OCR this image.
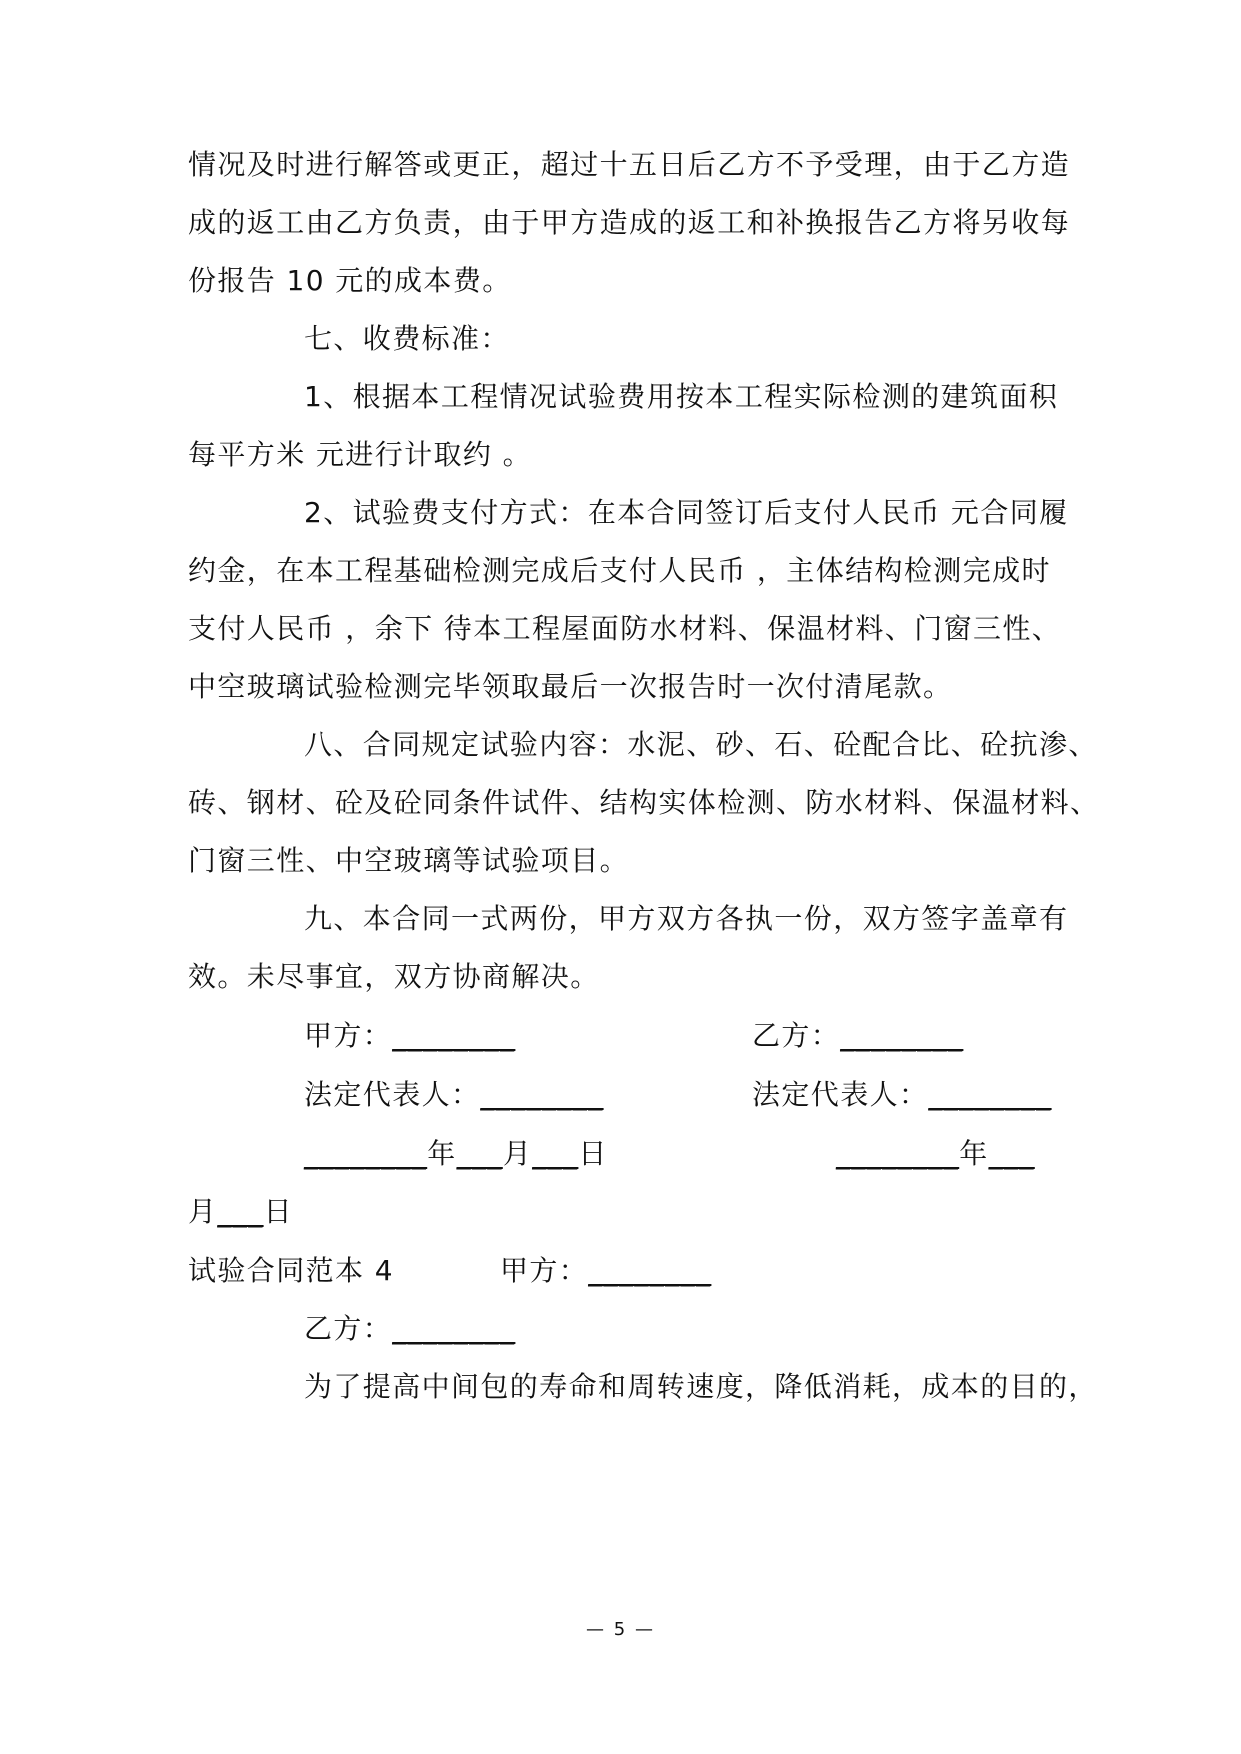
情况及时进行解答或更正，超过十五日后乙方不予受理，由于乙方造
成的返工由乙方负责，由于甲方造成的返工和补换报告乙方将另收每
份报告 10 元的成本费。
七、收费标准：
1、根据本工程情况试验费用按本工程实际检测的建筑面积
每平方米 元进行计取约 。
2、试验费支付方式：在本合同签订后支付人民币 元合同履
约金，在本工程基础检测完成后支付人民币 ，主体结构检测完成时
支付人民币 ，余下 待本工程屋面防水材料、保温材料、门窗三性、
中空玻璃试验检测完毕领取最后一次报告时一次付清尾款。
八、合同规定试验内容：水泥、砂、石、砼配合比、砼抗渗、
砖、钢材、砼及砼同条件试件、结构实体检测、防水材料、保温材料、
门窗三性、中空玻璃等试验项目。
九、本合同一式两份，甲方双方各执一份，双方签字盖章有
效。未尽事宜，双方协商解决。
甲方：________	乙方：________
法定代表人：________	法定代表人：________
________年___月___日	________年___
月___日
试验合同范本 4	甲方：________
乙方：________
为了提高中间包的寿命和周转速度，降低消耗，成本的目的，
— 5 —
